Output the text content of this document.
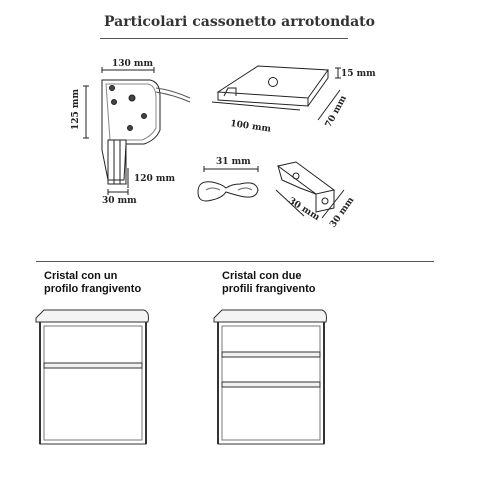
Particolari cassonetto arrotondato
130 mm
125 mm
120 mm
30 mm
15 mm
100 mm	70 mm
31 mm
30 mm 30 mm
Cristal con un
profilo frangivento
Cristal con due
profili frangivento
